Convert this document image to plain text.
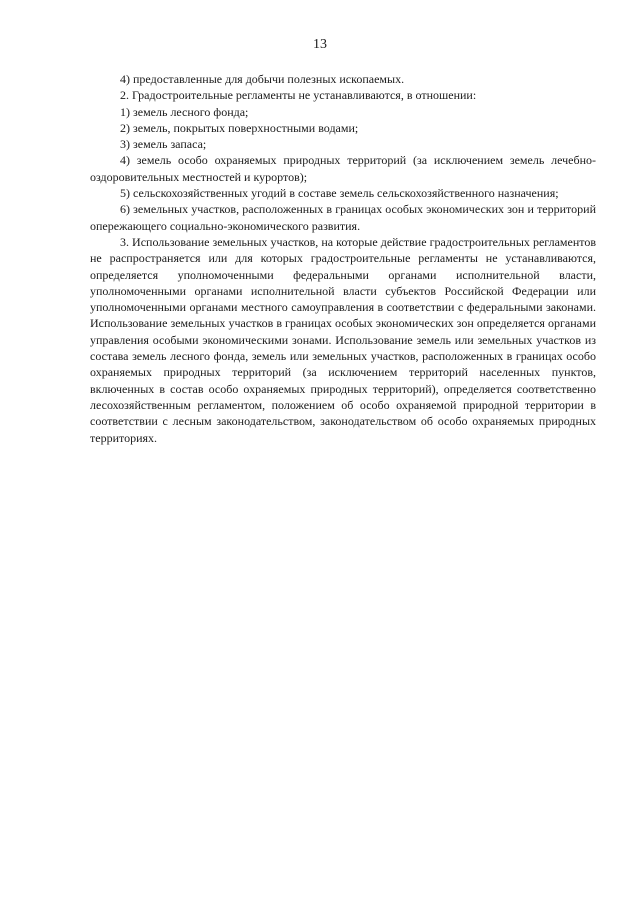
13

4) предоставленные для добычи полезных ископаемых.

2. Градостроительные регламенты не устанавливаются, в отношении:

1) земель лесного фонда;

2) земель, покрытых поверхностными водами;

3) земель запаса;

4) земель особо охраняемых природных территорий (за исключением земель лечебно-оздоровительных местностей и курортов);

5) сельскохозяйственных угодий в составе земель сельскохозяйственного назначения;

6) земельных участков, расположенных в границах особых экономических зон и территорий опережающего социально-экономического развития.

3. Использование земельных участков, на которые действие градостроительных регламентов не распространяется или для которых градостроительные регламенты не устанавливаются, определяется уполномоченными федеральными органами исполнительной власти, уполномоченными органами исполнительной власти субъектов Российской Федерации или уполномоченными органами местного самоуправления в соответствии с федеральными законами. Использование земельных участков в границах особых экономических зон определяется органами управления особыми экономическими зонами. Использование земель или земельных участков из состава земель лесного фонда, земель или земельных участков, расположенных в границах особо охраняемых природных территорий (за исключением территорий населенных пунктов, включенных в состав особо охраняемых природных территорий), определяется соответственно лесохозяйственным регламентом, положением об особо охраняемой природной территории в соответствии с лесным законодательством, законодательством об особо охраняемых природных территориях.
